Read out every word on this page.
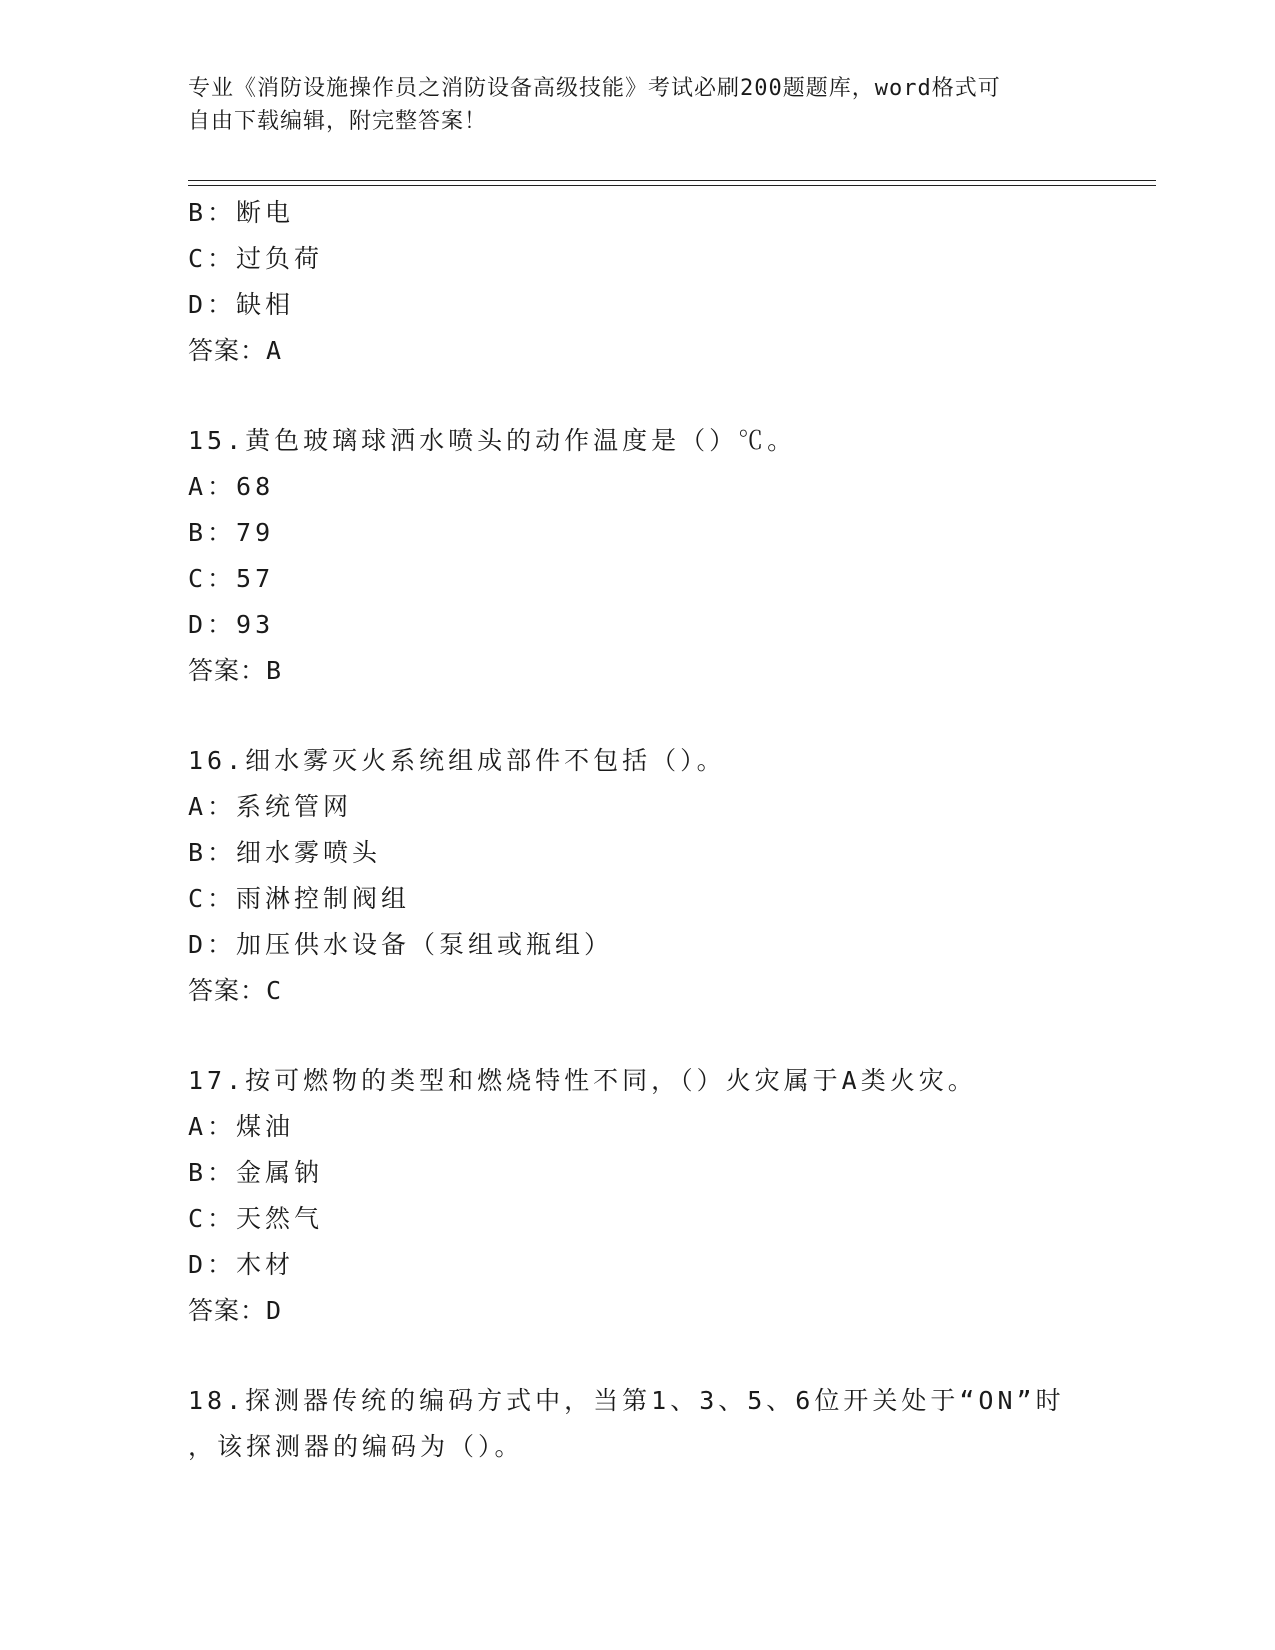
专业《消防设施操作员之消防设备高级技能》考试必刷200题题库，word格式可
自由下载编辑，附完整答案！
B：断电
C：过负荷
D：缺相
答案：A
15.黄色玻璃球洒水喷头的动作温度是（）℃。
A：68
B：79
C：57
D：93
答案：B
16.细水雾灭火系统组成部件不包括（）。
A：系统管网
B：细水雾喷头
C：雨淋控制阀组
D：加压供水设备（泵组或瓶组）
答案：C
17.按可燃物的类型和燃烧特性不同，（）火灾属于A类火灾。
A：煤油
B：金属钠
C：天然气
D：木材
答案：D
18.探测器传统的编码方式中，当第1、3、5、6位开关处于“ON”时
，该探测器的编码为（）。
